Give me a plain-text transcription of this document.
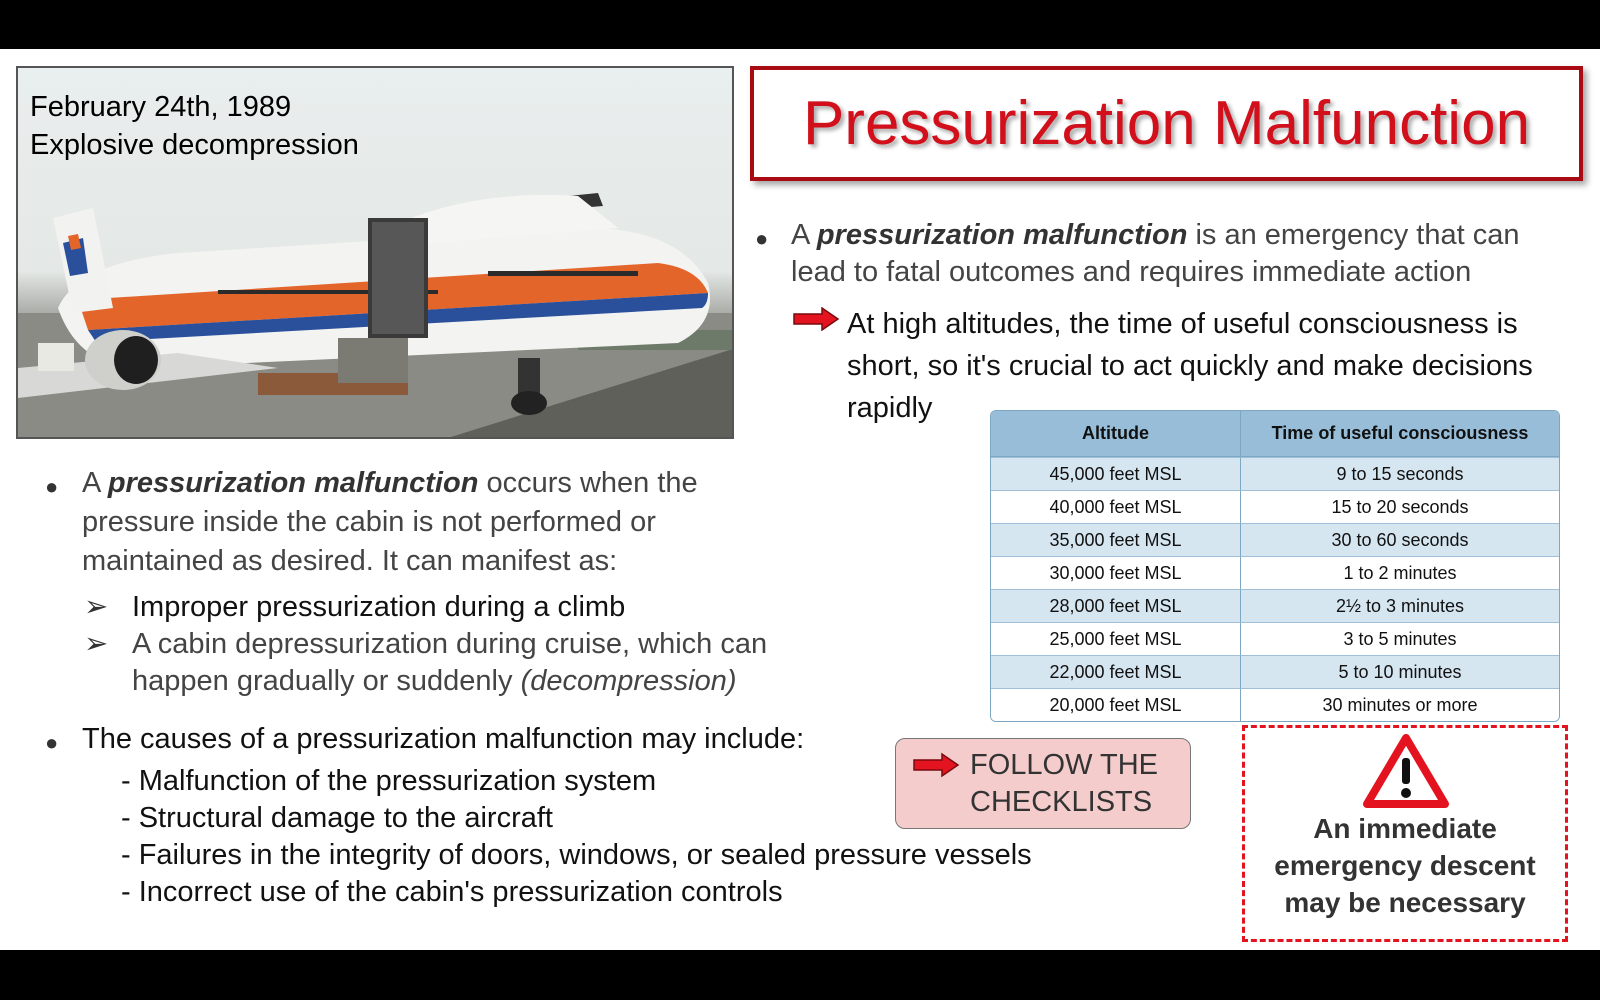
February 24th, 1989
Explosive decompression	Pressurization Malfunction
● A pressurization malfunction is an emergency that can
lead to fatal outcomes and requires immediate action
At high altitudes, the time of useful consciousness is
short, so it's crucial to act quickly and make decisions
rapidly
Altitude	Time of useful consciousness
45,000 feet MSL	9 to 15 seconds
40,000 feet MSL	15 to 20 seconds
35,000 feet MSL	30 to 60 seconds
30,000 feet MSL	1 to 2 minutes
28,000 feet MSL	2½ to 3 minutes
25,000 feet MSL	3 to 5 minutes
22,000 feet MSL	5 to 10 minutes
20,000 feet MSL	30 minutes or more
● A pressurization malfunction occurs when the
pressure inside the cabin is not performed or
maintained as desired. It can manifest as:
➢ Improper pressurization during a climb
➢ A cabin depressurization during cruise, which can
happen gradually or suddenly (decompression)
● The causes of a pressurization malfunction may include:
- Malfunction of the pressurization system
- Structural damage to the aircraft
- Failures in the integrity of doors, windows, or sealed pressure vessels
- Incorrect use of the cabin's pressurization controls
FOLLOW THE
CHECKLISTS
An immediate
emergency descent
may be necessary
